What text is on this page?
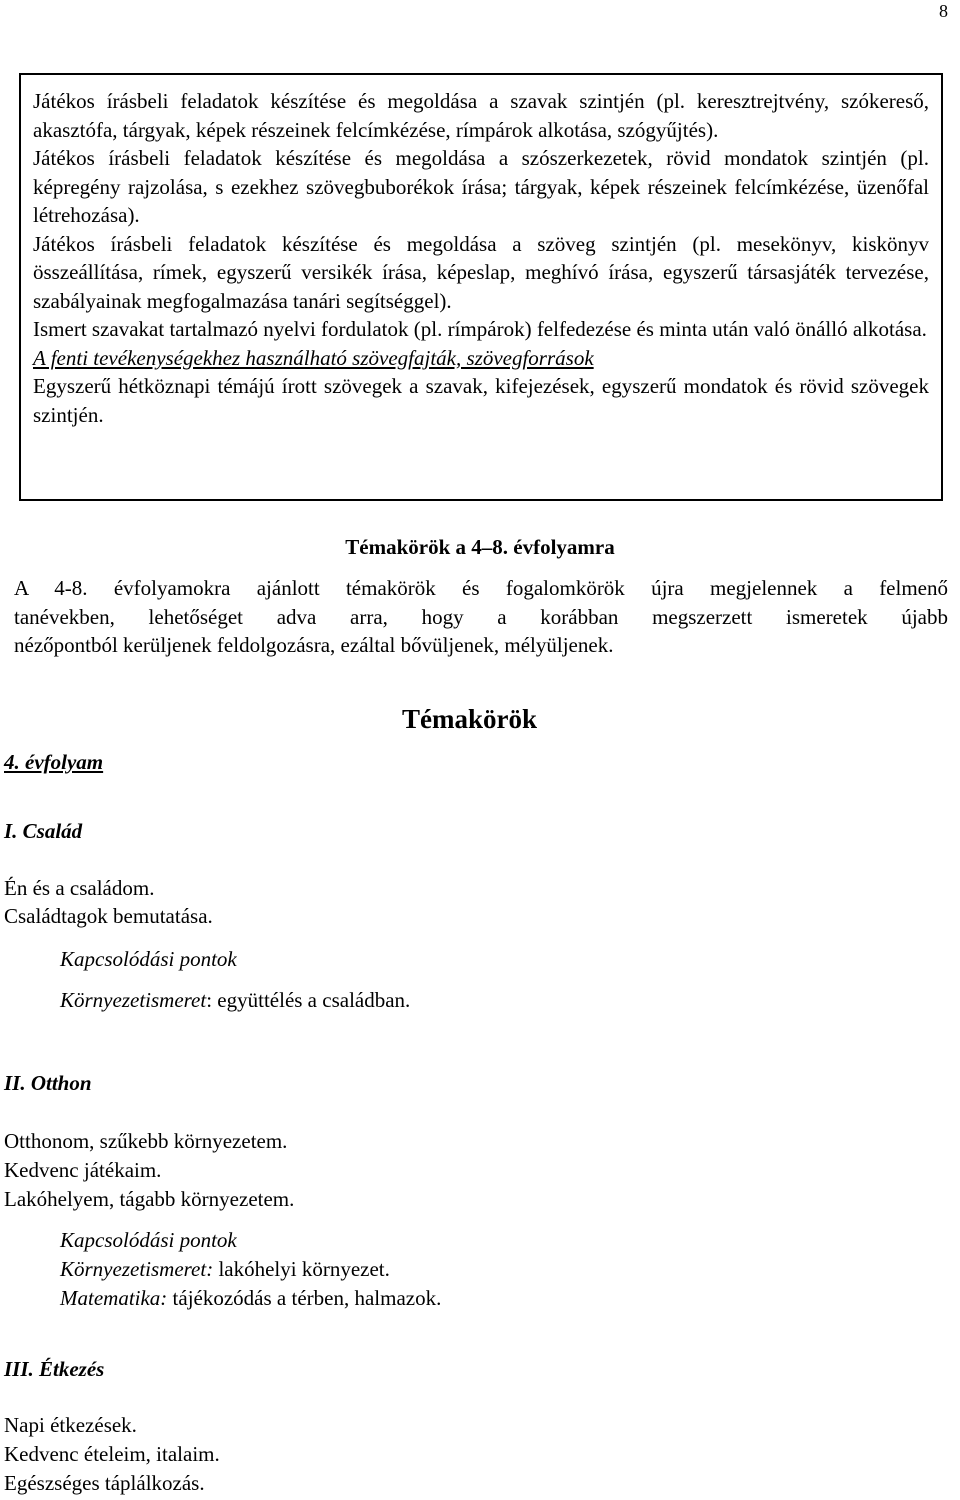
8

Játékos írásbeli feladatok készítése és megoldása a szavak szintjén (pl. keresztrejtvény, szókereső, akasztófa, tárgyak, képek részeinek felcímkézése, rímpárok alkotása, szógyűjtés).

Játékos írásbeli feladatok készítése és megoldása a szószerkezetek, rövid mondatok szintjén (pl. képregény rajzolása, s ezekhez szövegbuborékok írása; tárgyak, képek részeinek felcímkézése, üzenőfal létrehozása).

Játékos írásbeli feladatok készítése és megoldása a szöveg szintjén (pl. mesekönyv, kiskönyv összeállítása, rímek, egyszerű versikék írása, képeslap, meghívó írása, egyszerű társasjáték tervezése, szabályainak megfogalmazása tanári segítséggel).

Ismert szavakat tartalmazó nyelvi fordulatok (pl. rímpárok) felfedezése és minta után való önálló alkotása.

A fenti tevékenységekhez használható szövegfajták, szövegforrások

Egyszerű hétköznapi témájú írott szövegek a szavak, kifejezések, egyszerű mondatok és rövid szövegek szintjén.

Témakörök a 4–8. évfolyamra
A 4-8. évfolyamokra ajánlott témakörök és fogalomkörök újra megjelennek a felmenő
tanévekben, lehetőséget adva arra, hogy a korábban megszerzett ismeretek újabb
nézőpontból kerüljenek feldolgozásra, ezáltal bővüljenek, mélyüljenek.
Témakörök
4. évfolyam
I. Család
Én és a családom.
Családtagok bemutatása.
Kapcsolódási pontok
Környezetismeret: együttélés a családban.
II. Otthon
Otthonom, szűkebb környezetem.
Kedvenc játékaim.
Lakóhelyem, tágabb környezetem.
Kapcsolódási pontok
Környezetismeret: lakóhelyi környezet.
Matematika: tájékozódás a térben, halmazok.
III. Étkezés
Napi étkezések.
Kedvenc ételeim, italaim.
Egészséges táplálkozás.
